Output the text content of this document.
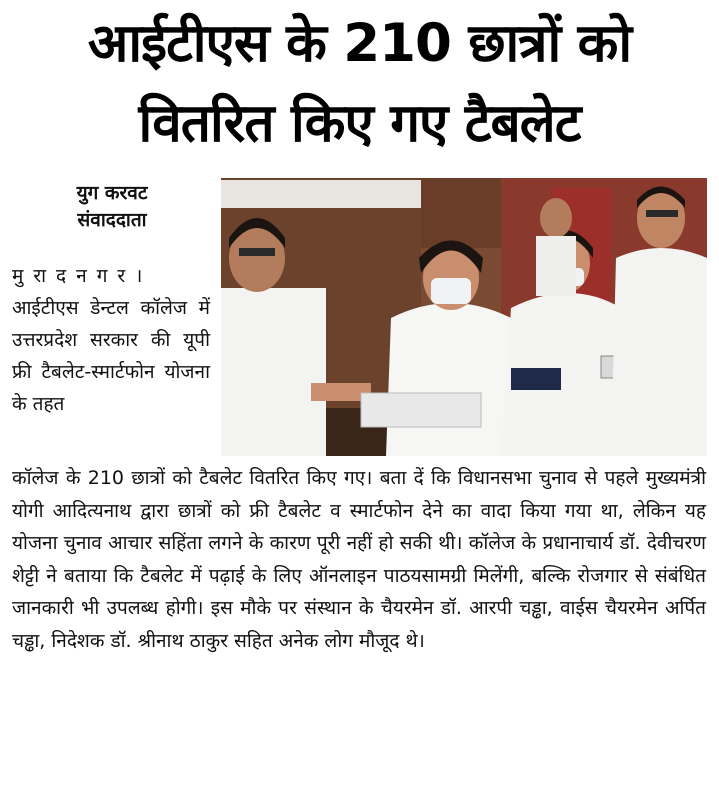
आईटीएस के 210 छात्रों को
वितरित किए गए टैबलेट
युग करवट
संवाददाता

मुरादनगर। आईटीएस डेन्टल कॉलेज में उत्तरप्रदेश सरकार की यूपी फ्री टैबलेट-स्मार्टफोन योजना के तहत

कॉलेज के 210 छात्रों को टैबलेट वितरित किए गए। बता दें कि विधानसभा चुनाव से पहले मुख्यमंत्री योगी आदित्यनाथ द्वारा छात्रों को फ्री टैबलेट व स्मार्टफोन देने का वादा किया गया था, लेकिन यह योजना चुनाव आचार सहिंता लगने के कारण पूरी नहीं हो सकी थी। कॉलेज के प्रधानाचार्य डॉ. देवीचरण शेट्टी ने बताया कि टैबलेट में पढ़ाई के लिए ऑनलाइन पाठयसामग्री मिलेंगी, बल्कि रोजगार से संबंधित जानकारी भी उपलब्ध होगी। इस मौके पर संस्थान के चैयरमेन डॉ. आरपी चड्ढा, वाईस चैयरमेन अर्पित चड्ढा, निदेशक डॉ. श्रीनाथ ठाकुर सहित अनेक लोग मौजूद थे।
